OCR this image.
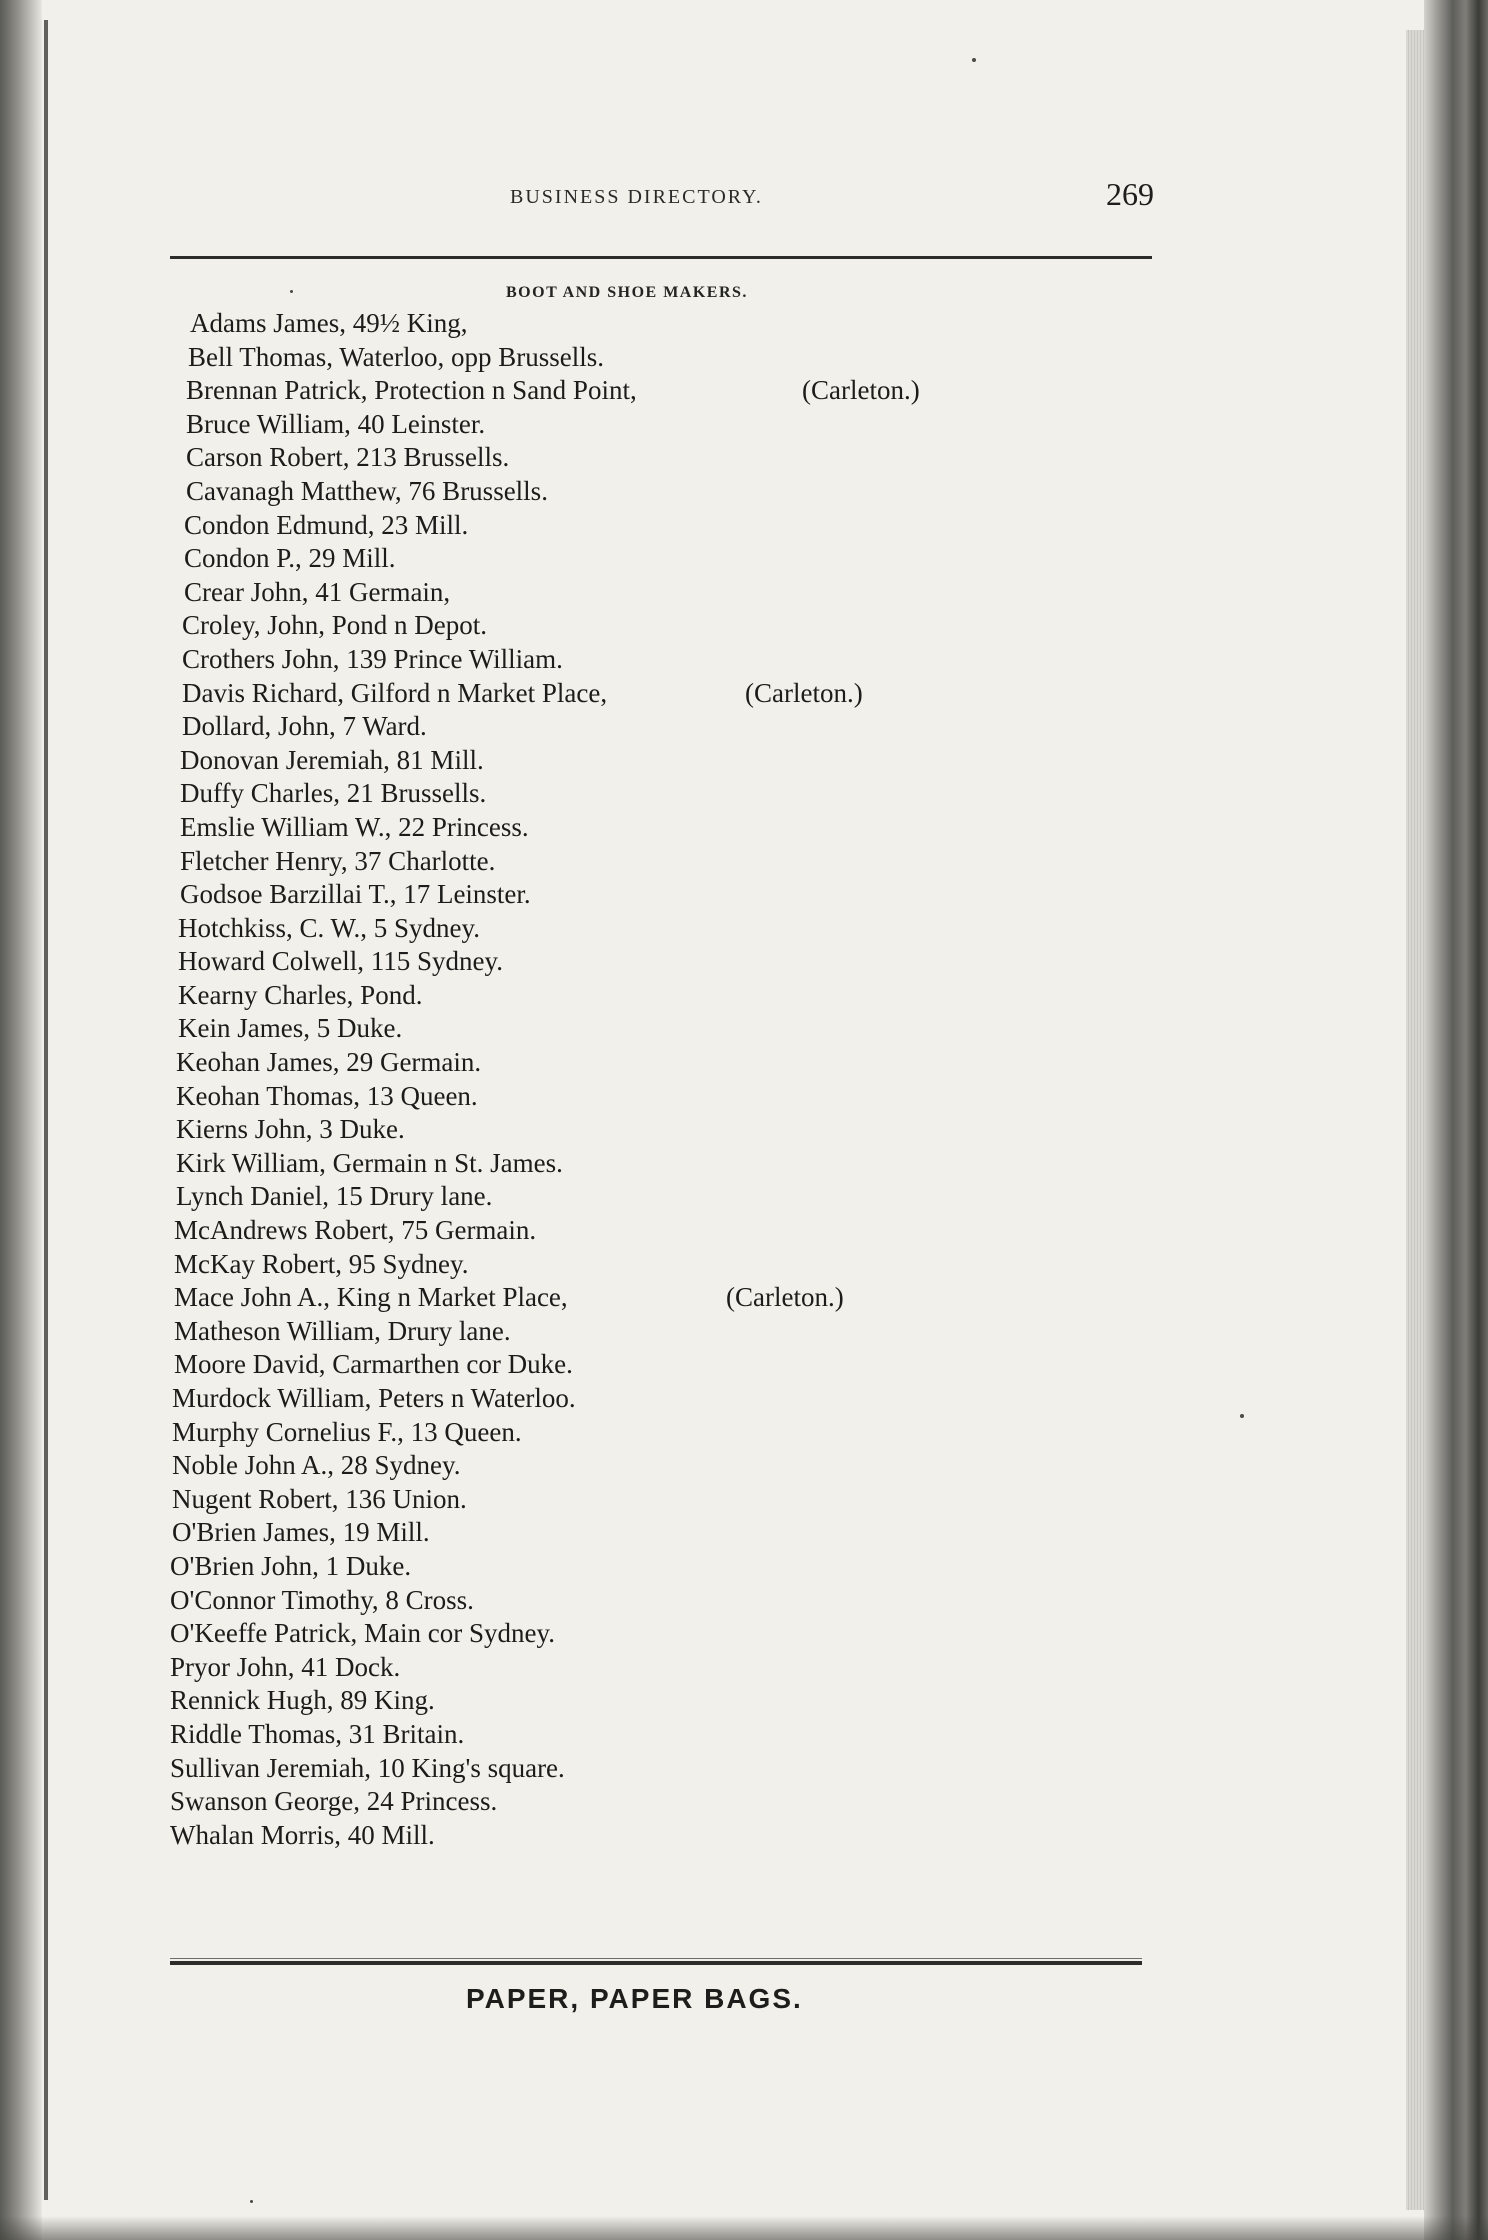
BUSINESS DIRECTORY.	269
BOOT AND SHOE MAKERS.
Adams James, 49½ King,
Bell Thomas, Waterloo, opp Brussells.
Brennan Patrick, Protection n Sand Point,	(Carleton.)
Bruce William, 40 Leinster.
Carson Robert, 213 Brussells.
Cavanagh Matthew, 76 Brussells.
Condon Edmund, 23 Mill.
Condon P., 29 Mill.
Crear John, 41 Germain,
Croley, John, Pond n Depot.
Crothers John, 139 Prince William.
Davis Richard, Gilford n Market Place,	(Carleton.)
Dollard, John, 7 Ward.
Donovan Jeremiah, 81 Mill.
Duffy Charles, 21 Brussells.
Emslie William W., 22 Princess.
Fletcher Henry, 37 Charlotte.
Godsoe Barzillai T., 17 Leinster.
Hotchkiss, C. W., 5 Sydney.
Howard Colwell, 115 Sydney.
Kearny Charles, Pond.
Kein James, 5 Duke.
Keohan James, 29 Germain.
Keohan Thomas, 13 Queen.
Kierns John, 3 Duke.
Kirk William, Germain n St. James.
Lynch Daniel, 15 Drury lane.
McAndrews Robert, 75 Germain.
McKay Robert, 95 Sydney.
Mace John A., King n Market Place,	(Carleton.)
Matheson William, Drury lane.
Moore David, Carmarthen cor Duke.
Murdock William, Peters n Waterloo.
Murphy Cornelius F., 13 Queen.
Noble John A., 28 Sydney.
Nugent Robert, 136 Union.
O'Brien James, 19 Mill.
O'Brien John, 1 Duke.
O'Connor Timothy, 8 Cross.
O'Keeffe Patrick, Main cor Sydney.
Pryor John, 41 Dock.
Rennick Hugh, 89 King.
Riddle Thomas, 31 Britain.
Sullivan Jeremiah, 10 King's square.
Swanson George, 24 Princess.
Whalan Morris, 40 Mill.
PAPER, PAPER BAGS.
